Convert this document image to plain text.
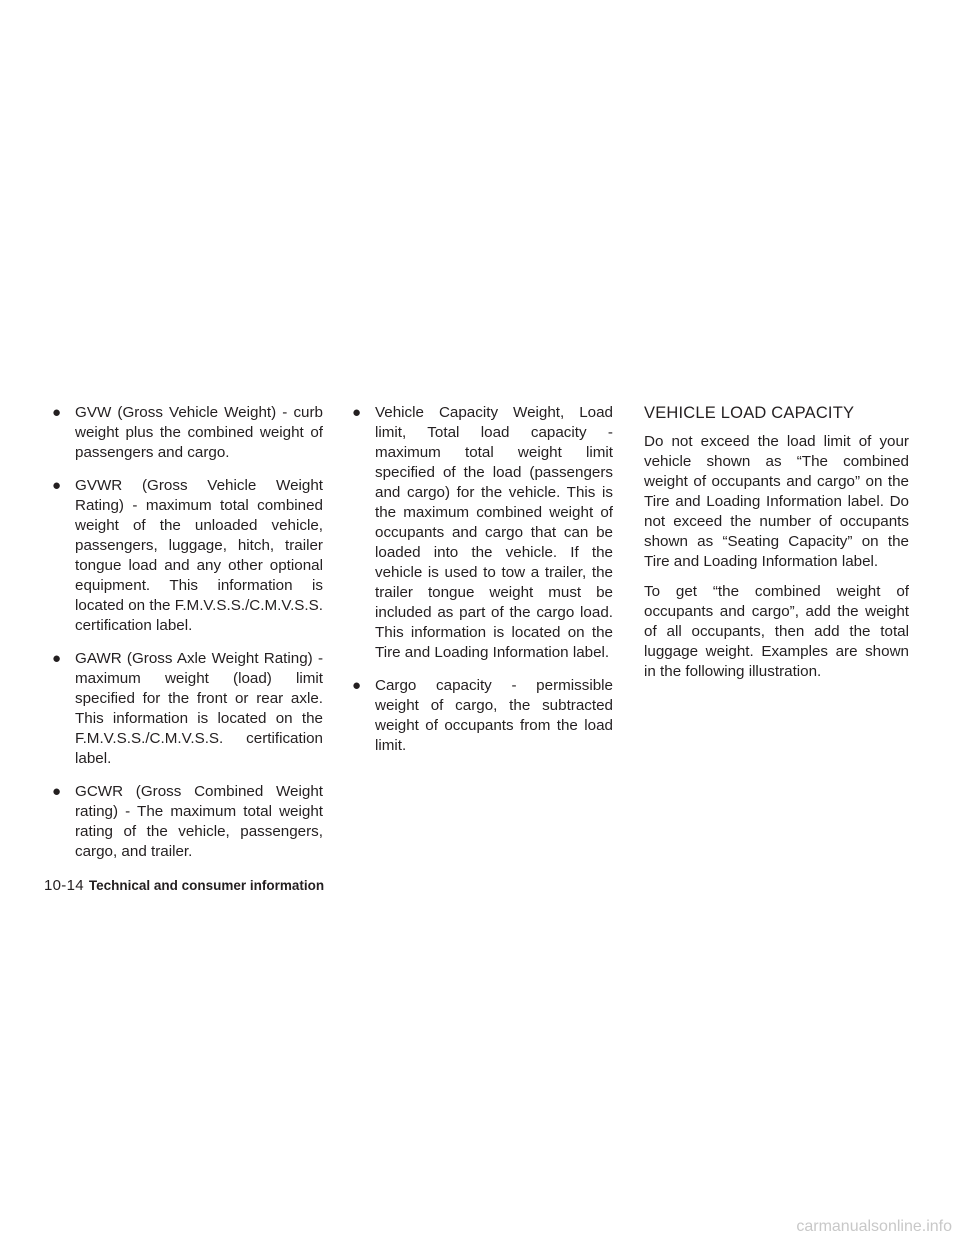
● GVW (Gross Vehicle Weight) - curb weight plus the combined weight of passengers and cargo.
● GVWR (Gross Vehicle Weight Rating) - maximum total combined weight of the unloaded vehicle, passengers, luggage, hitch, trailer tongue load and any other optional equipment. This information is located on the F.M.V.S.S./C.M.V.S.S. certification label.
● GAWR (Gross Axle Weight Rating) - maximum weight (load) limit specified for the front or rear axle. This information is located on the F.M.V.S.S./C.M.V.S.S. certification label.
● GCWR (Gross Combined Weight rating) - The maximum total weight rating of the vehicle, passengers, cargo, and trailer.
● Vehicle Capacity Weight, Load limit, Total load capacity - maximum total weight limit specified of the load (passengers and cargo) for the vehicle. This is the maximum combined weight of occupants and cargo that can be loaded into the vehicle. If the vehicle is used to tow a trailer, the trailer tongue weight must be included as part of the cargo load. This information is located on the Tire and Loading Information label.
● Cargo capacity - permissible weight of cargo, the subtracted weight of occupants from the load limit.
VEHICLE LOAD CAPACITY

Do not exceed the load limit of your vehicle shown as “The combined weight of occupants and cargo” on the Tire and Loading Information label. Do not exceed the number of occupants shown as “Seating Capacity” on the Tire and Loading Information label.

To get “the combined weight of occupants and cargo”, add the weight of all occupants, then add the total luggage weight. Examples are shown in the following illustration.

10-14 Technical and consumer information
carmanualsonline.info
